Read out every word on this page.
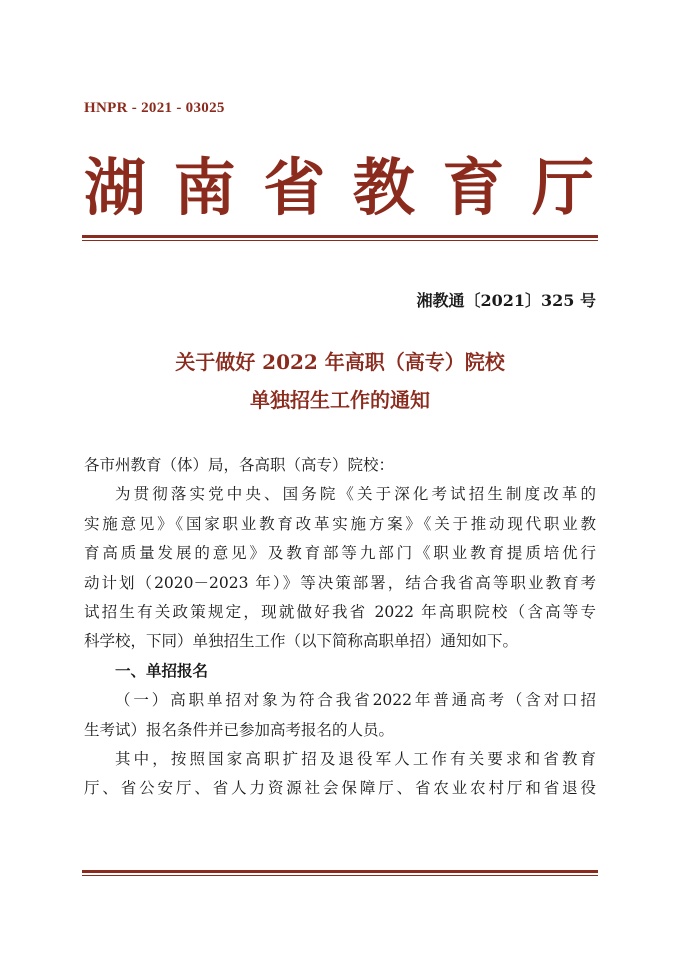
HNPR - 2021 - 03025
湖 南 省 教 育 厅
湘教通〔2021〕325 号
关于做好 2022 年高职（高专）院校
单独招生工作的通知

各市州教育（体）局，各高职（高专）院校：

为贯彻落实党中央、国务院《关于深化考试招生制度改革的

实施意见》《国家职业教育改革实施方案》《关于推动现代职业教

育高质量发展的意见》及教育部等九部门《职业教育提质培优行

动计划（2020－2023 年）》等决策部署，结合我省高等职业教育考

试招生有关政策规定，现就做好我省 2022 年高职院校（含高等专

科学校，下同）单独招生工作（以下简称高职单招）通知如下。

一、单招报名

（一）高职单招对象为符合我省2022年普通高考（含对口招

生考试）报名条件并已参加高考报名的人员。

其中，按照国家高职扩招及退役军人工作有关要求和省教育

厅、省公安厅、省人力资源社会保障厅、省农业农村厅和省退役
